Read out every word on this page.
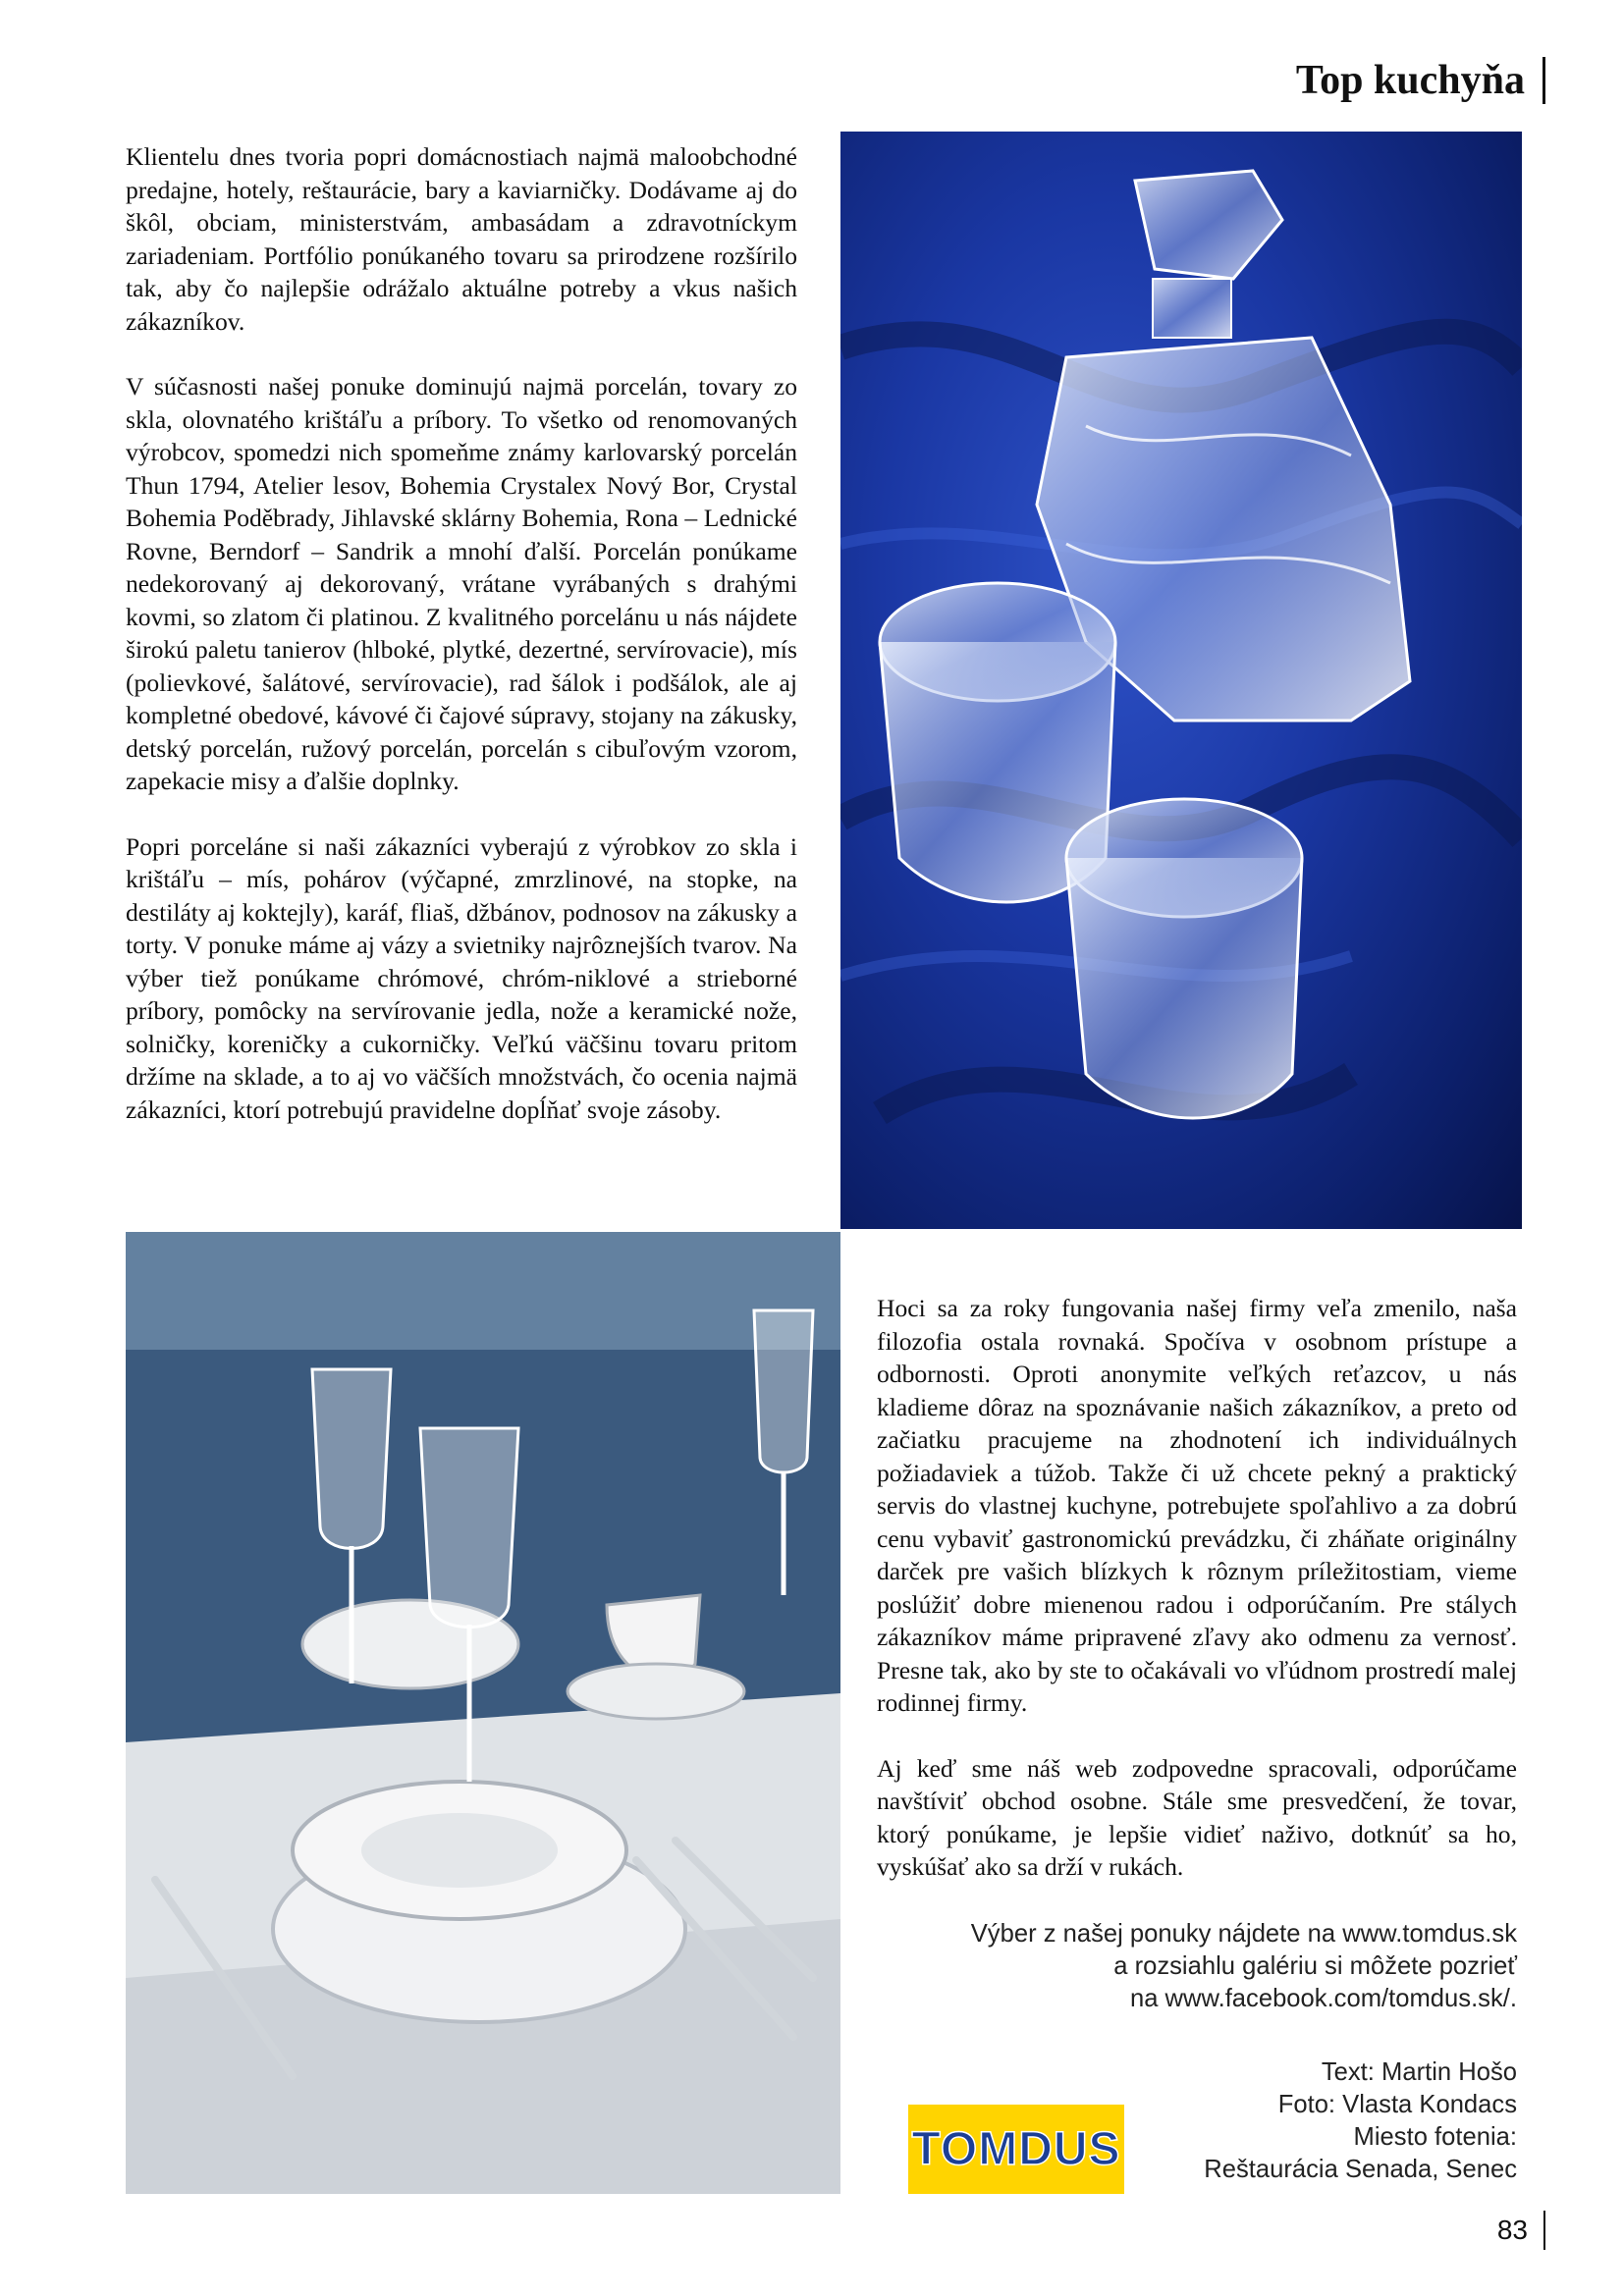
Top kuchyňa

Klientelu dnes tvoria popri domácnostiach najmä maloobchodné predajne, hotely, reštaurácie, bary a kaviarničky. Dodávame aj do škôl, obciam, ministerstvám, ambasádam a zdravotníckym zariadeniam. Portfólio ponúkaného tovaru sa prirodzene rozšírilo tak, aby čo najlepšie odrážalo aktuálne potreby a vkus našich zákazníkov.

V súčasnosti našej ponuke dominujú najmä porcelán, tovary zo skla, olovnatého krištáľu a príbory. To všetko od renomovaných výrobcov, spomedzi nich spomeňme známy karlovarský porcelán Thun 1794, Atelier lesov, Bohemia Crystalex Nový Bor, Crystal Bohemia Poděbrady, Jihlavské sklárny Bohemia, Rona – Lednické Rovne, Berndorf – Sandrik a mnohí ďalší. Porcelán ponúkame nedekorovaný aj dekorovaný, vrátane vyrábaných s drahými kovmi, so zlatom či platinou. Z kvalitného porcelánu u nás nájdete širokú paletu tanierov (hlboké, plytké, dezertné, servírovacie), mís (polievkové, šalátové, servírovacie), rad šálok i podšálok, ale aj kompletné obedové, kávové či čajové súpravy, stojany na zákusky, detský porcelán, ružový porcelán, porcelán s cibuľovým vzorom, zapekacie misy a ďalšie doplnky.

Popri porceláne si naši zákazníci vyberajú z výrobkov zo skla i krištáľu – mís, pohárov (výčapné, zmrzlinové, na stopke, na destiláty aj koktejly), karáf, fliaš, džbánov, podnosov na zákusky a torty. V ponuke máme aj vázy a svietniky najrôznejších tvarov. Na výber tiež ponúkame chrómové, chróm-niklové a strieborné príbory, pomôcky na servírovanie jedla, nože a keramické nože, solničky, koreničky a cukorničky. Veľkú väčšinu tovaru pritom držíme na sklade, a to aj vo väčších množstvách, čo ocenia najmä zákazníci, ktorí potrebujú pravidelne dopĺňať svoje zásoby.

Hoci sa za roky fungovania našej firmy veľa zmenilo, naša filozofia ostala rovnaká. Spočíva v osobnom prístupe a odbornosti. Oproti anonymite veľkých reťazcov, u nás kladieme dôraz na spoznávanie našich zákazníkov, a preto od začiatku pracujeme na zhodnotení ich individuálnych požiadaviek a túžob. Takže či už chcete pekný a praktický servis do vlastnej kuchyne, potrebujete spoľahlivo a za dobrú cenu vybaviť gastronomickú prevádzku, či zháňate originálny darček pre vašich blízkych k rôznym príležitostiam, vieme poslúžiť dobre mienenou radou i odporúčaním. Pre stálych zákazníkov máme pripravené zľavy ako odmenu za vernosť. Presne tak, ako by ste to očakávali vo vľúdnom prostredí malej rodinnej firmy.

Aj keď sme náš web zodpovedne spracovali, odporúčame navštíviť obchod osobne. Stále sme presvedčení, že tovar, ktorý ponúkame, je lepšie vidieť naživo, dotknúť sa ho, vyskúšať ako sa drží v rukách.

Výber z našej ponuky nájdete na www.tomdus.sk
a rozsiahlu galériu si môžete pozrieť
na www.facebook.com/tomdus.sk/.
Text: Martin Hošo
Foto: Vlasta Kondacs
Miesto fotenia:
Reštaurácia Senada, Senec
TOMDUS
83
